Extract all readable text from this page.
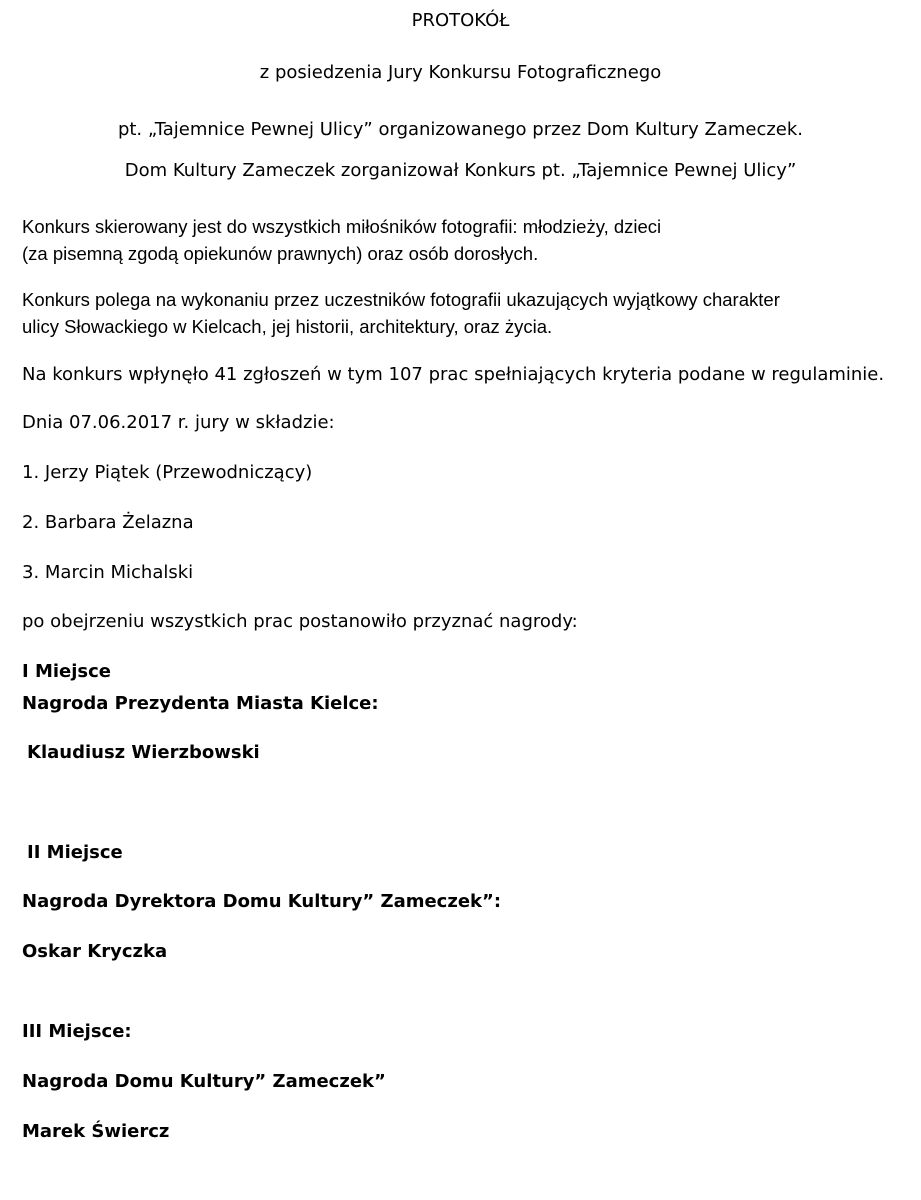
PROTOKÓŁ
z posiedzenia Jury Konkursu Fotograficznego
pt. „Tajemnice Pewnej Ulicy” organizowanego przez Dom Kultury Zameczek.
Dom Kultury Zameczek zorganizował Konkurs pt. „Tajemnice Pewnej Ulicy”
Konkurs skierowany jest do wszystkich miłośników fotografii: młodzieży, dzieci
(za pisemną zgodą opiekunów prawnych) oraz osób dorosłych.
Konkurs polega na wykonaniu przez uczestników fotografii ukazujących wyjątkowy charakter
ulicy Słowackiego w Kielcach, jej historii, architektury, oraz życia.
Na konkurs wpłynęło 41 zgłoszeń w tym 107 prac spełniających kryteria podane w regulaminie.
Dnia 07.06.2017 r. jury w składzie:
1. Jerzy Piątek (Przewodniczący)
2. Barbara Żelazna
3. Marcin Michalski
po obejrzeniu wszystkich prac postanowiło przyznać nagrody:
I Miejsce
Nagroda Prezydenta Miasta Kielce:
Klaudiusz Wierzbowski
II Miejsce
Nagroda Dyrektora Domu Kultury” Zameczek”:
Oskar Kryczka
III Miejsce:
Nagroda Domu Kultury” Zameczek”
Marek Świercz
